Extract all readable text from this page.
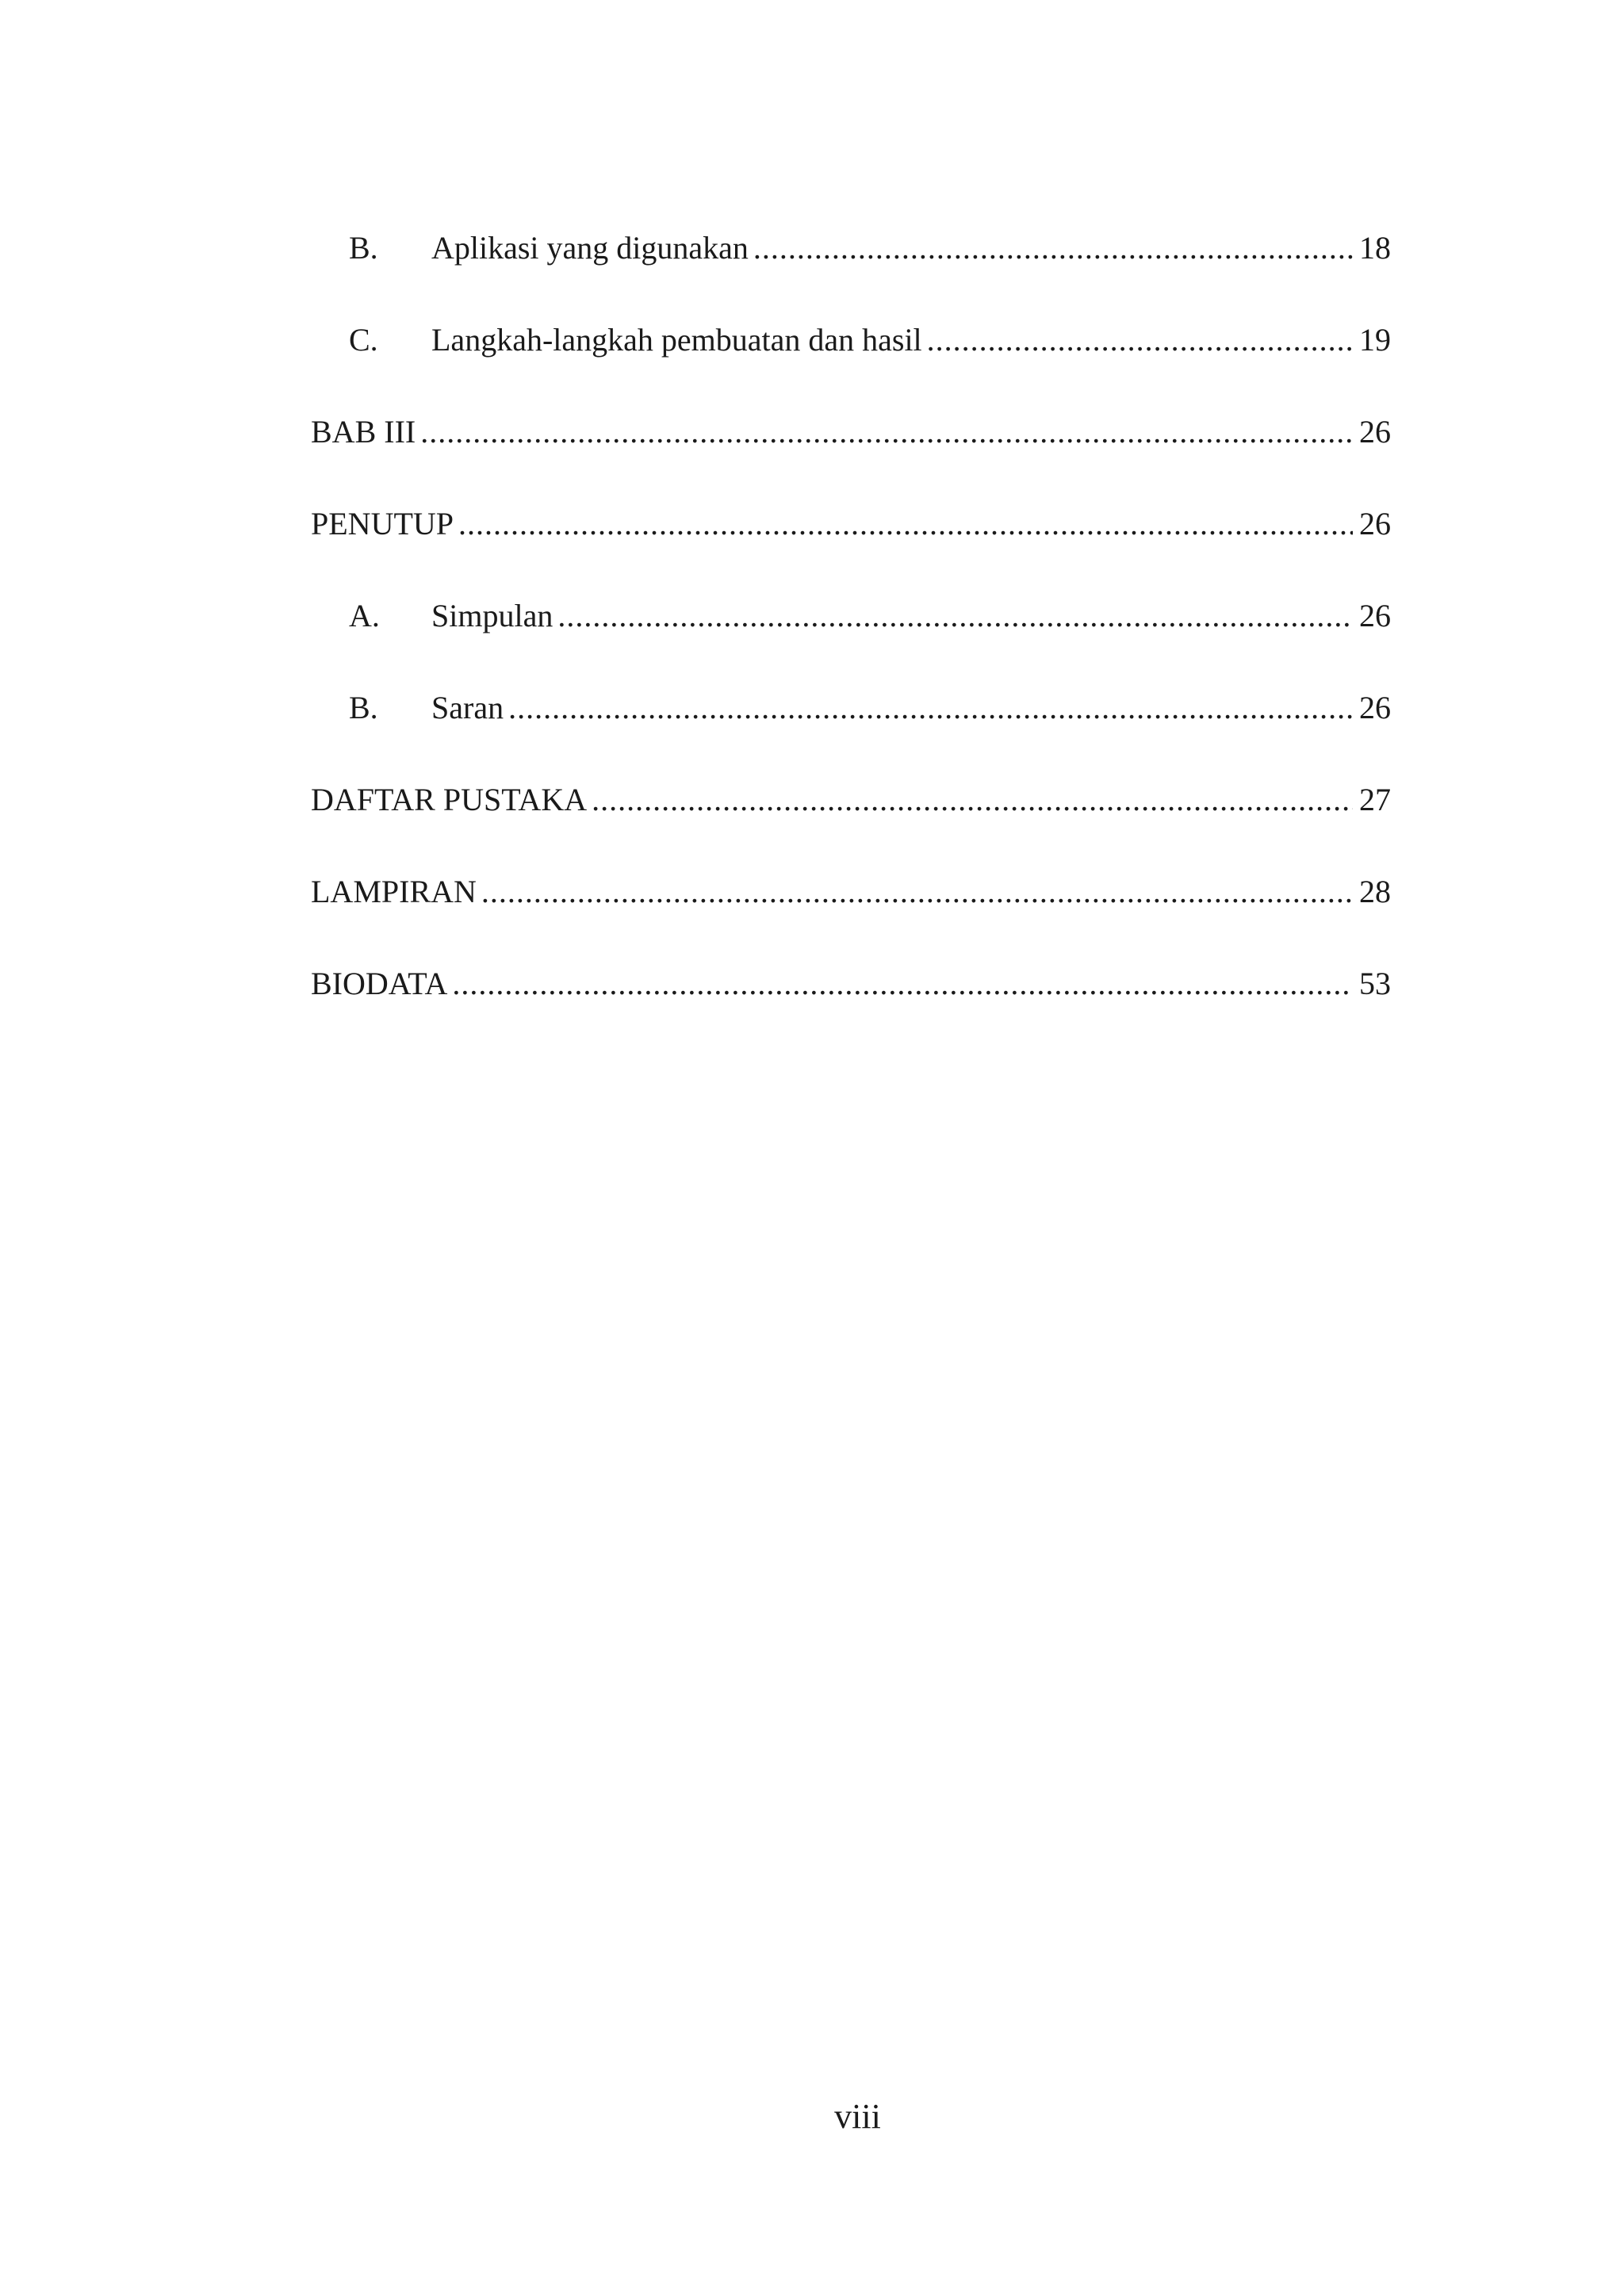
B.	Aplikasi yang digunakan .....	18
C.	Langkah-langkah pembuatan dan hasil .....	19
BAB III .....	26
PENUTUP .....	26
A.	Simpulan .....	26
B.	Saran .....	26
DAFTAR PUSTAKA .....	27
LAMPIRAN .....	28
BIODATA .....	53
viii
